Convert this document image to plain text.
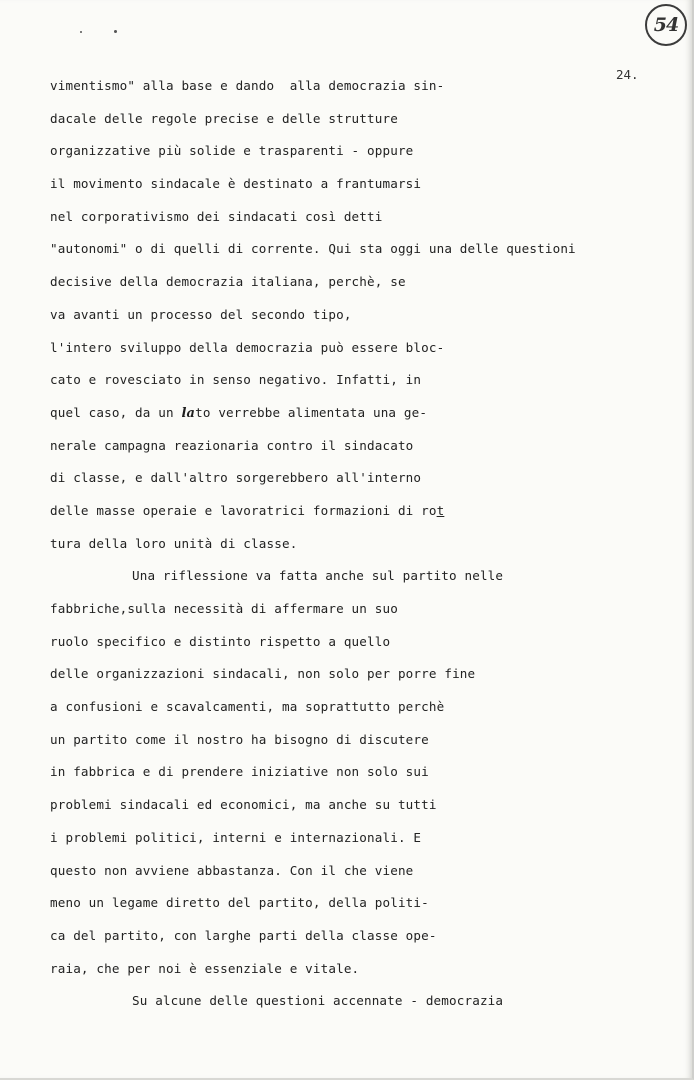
54
24.
vimentismo" alla base e dando  alla democrazia sin-
dacale delle regole precise e delle strutture
organizzative più solide e trasparenti - oppure
il movimento sindacale è destinato a frantumarsi
nel corporativismo dei sindacati così detti
"autonomi" o di quelli di corrente. Qui sta oggi una delle questioni
decisive della democrazia italiana, perchè, se
va avanti un processo del secondo tipo,
l'intero sviluppo della democrazia può essere bloc-
cato e rovesciato in senso negativo. Infatti, in
quel caso, da un lato verrebbe alimentata una ge-
nerale campagna reazionaria contro il sindacato
di classe, e dall'altro sorgerebbero all'interno
delle masse operaie e lavoratrici formazioni di rot
tura della loro unità di classe.
Una riflessione va fatta anche sul partito nelle
fabbriche,sulla necessità di affermare un suo
ruolo specifico e distinto rispetto a quello
delle organizzazioni sindacali, non solo per porre fine
a confusioni e scavalcamenti, ma soprattutto perchè
un partito come il nostro ha bisogno di discutere
in fabbrica e di prendere iniziative non solo sui
problemi sindacali ed economici, ma anche su tutti
i problemi politici, interni e internazionali. E
questo non avviene abbastanza. Con il che viene
meno un legame diretto del partito, della politi-
ca del partito, con larghe parti della classe ope-
raia, che per noi è essenziale e vitale.
Su alcune delle questioni accennate - democrazia
